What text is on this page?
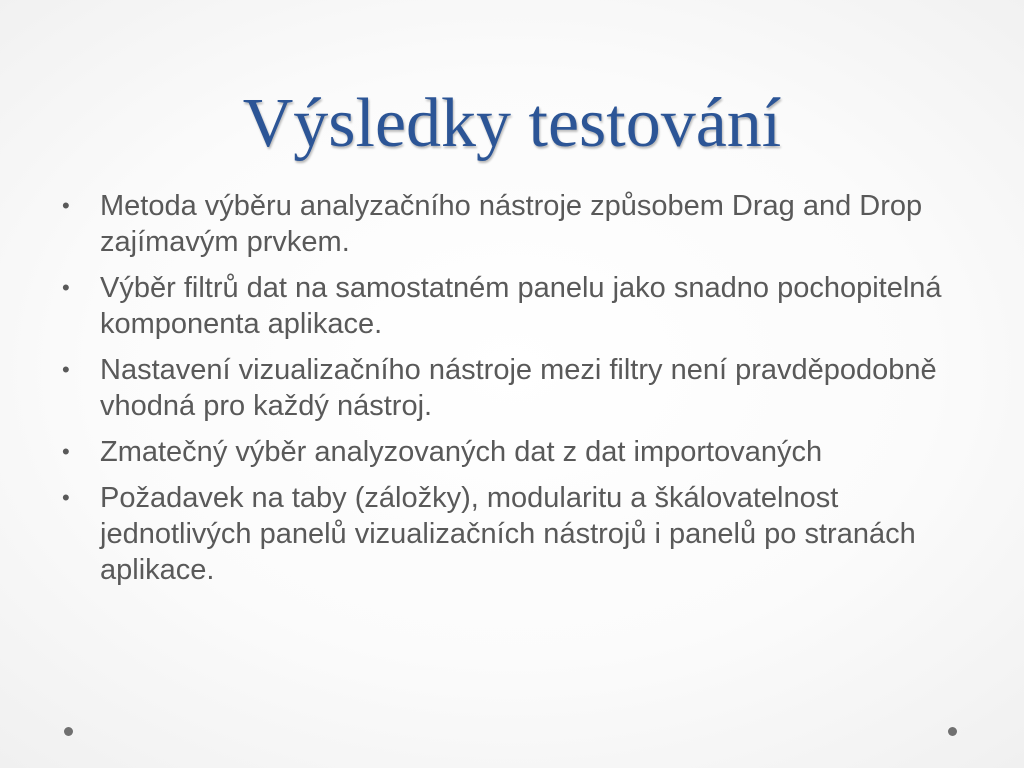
Výsledky testování
•	Metoda výběru analyzačního nástroje způsobem Drag and Drop zajímavým prvkem.
•	Výběr filtrů dat na samostatném panelu jako snadno pochopitelná komponenta aplikace.
•	Nastavení vizualizačního nástroje mezi filtry není pravděpodobně vhodná pro každý nástroj.
•	Zmatečný výběr analyzovaných dat z dat importovaných
•	Požadavek na taby (záložky), modularitu a škálovatelnost jednotlivých panelů vizualizačních nástrojů i panelů po stranách aplikace.
